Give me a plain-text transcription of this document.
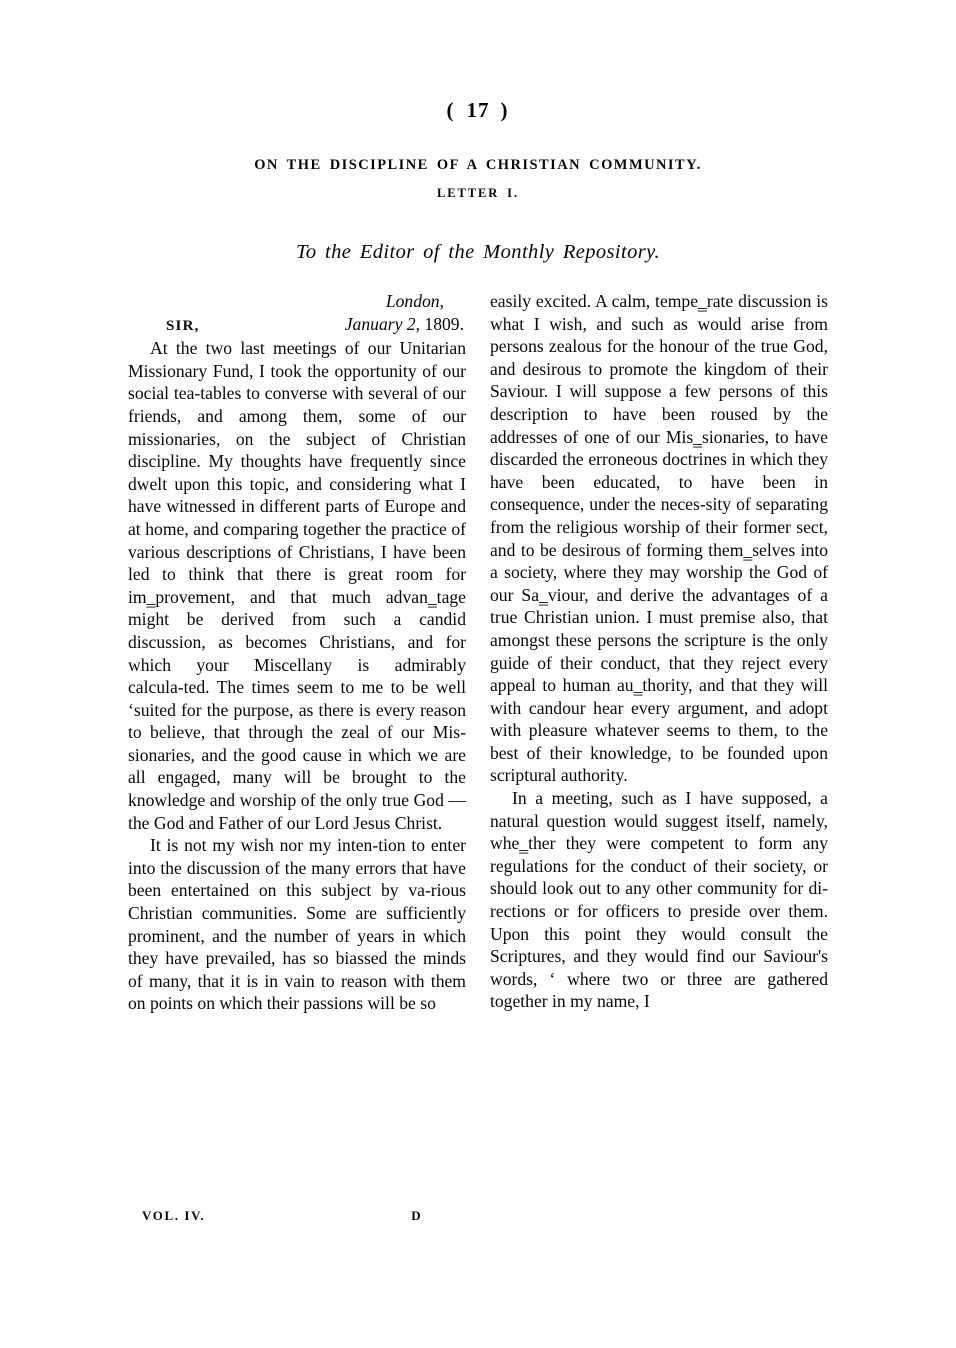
( 17 )
ON THE DISCIPLINE OF A CHRISTIAN COMMUNITY.
LETTER I.
To the Editor of the Monthly Repository.
London,
SIR,	January 2, 1809.

At the two last meetings of our Unitarian Missionary Fund, I took the opportunity of our social tea-tables to converse with several of our friends, and among them, some of our missionaries, on the subject of Christian discipline. My thoughts have frequently since dwelt upon this topic, and considering what I have witnessed in different parts of Europe and at home, and comparing together the practice of various descriptions of Christians, I have been led to think that there is great room for im‗provement, and that much advan‗tage might be derived from such a candid discussion, as becomes Christians, and for which your Miscellany is admirably calcula‑ted. The times seem to me to be well ‘suited for the purpose, as there is every reason to believe, that through the zeal of our Mis-sionaries, and the good cause in which we are all engaged, many will be brought to the knowledge and worship of the only true God —the God and Father of our Lord Jesus Christ.

It is not my wish nor my inten-tion to enter into the discussion of the many errors that have been entertained on this subject by va-rious Christian communities. Some are sufficiently prominent, and the number of years in which they have prevailed, has so biassed the minds of many, that it is in vain to reason with them on points on which their passions will be so

easily excited. A calm, tempe‗rate discussion is what I wish, and such as would arise from persons zealous for the honour of the true God, and desirous to promote the kingdom of their Saviour. I will suppose a few persons of this description to have been roused by the addresses of one of our Mis‗sionaries, to have discarded the erroneous doctrines in which they have been educated, to have been in consequence, under the neces-sity of separating from the religious worship of their former sect, and to be desirous of forming them‗selves into a society, where they may worship the God of our Sa‗viour, and derive the advantages of a true Christian union. I must premise also, that amongst these persons the scripture is the only guide of their conduct, that they reject every appeal to human au‗thority, and that they will with candour hear every argument, and adopt with pleasure whatever seems to them, to the best of their knowledge, to be founded upon scriptural authority.

In a meeting, such as I have supposed, a natural question would suggest itself, namely, whe‗ther they were competent to form any regulations for the conduct of their society, or should look out to any other community for di-rections or for officers to preside over them. Upon this point they would consult the Scriptures, and they would find our Saviour's words, ‘ where two or three are gathered together in my name, I

VOL. IV.	D
